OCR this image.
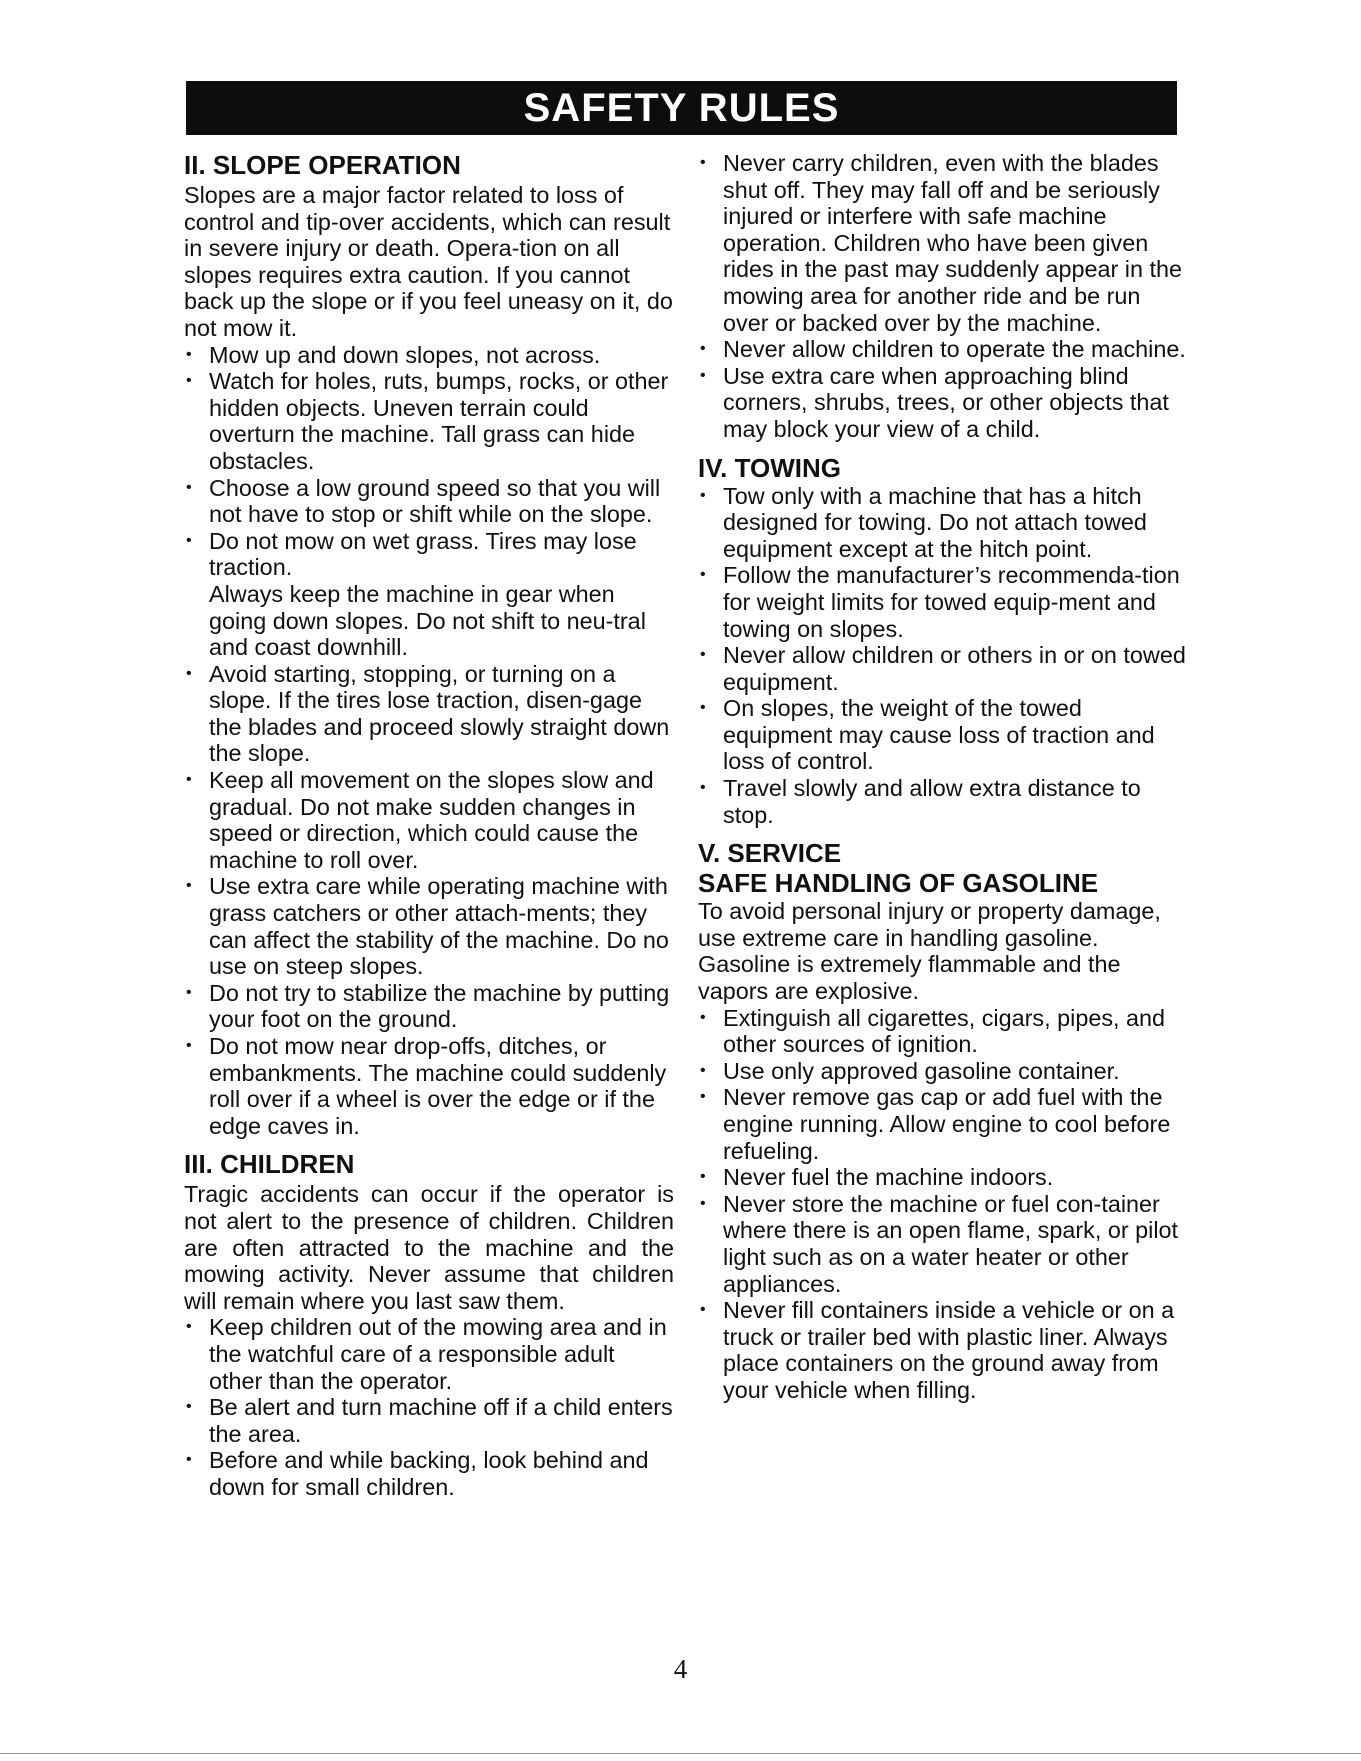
SAFETY RULES
II. SLOPE OPERATION

Slopes are a major factor related to loss of control and tip-over accidents, which can result in severe injury or death. Opera-tion on all slopes requires extra caution. If you cannot back up the slope or if you feel uneasy on it, do not mow it.

• Mow up and down slopes, not across.
• Watch for holes, ruts, bumps, rocks, or other hidden objects. Uneven terrain could overturn the machine. Tall grass can hide obstacles.
• Choose a low ground speed so that you will not have to stop or shift while on the slope.
• Do not mow on wet grass. Tires may lose traction.
Always keep the machine in gear when going down slopes. Do not shift to neu-tral and coast downhill.
• Avoid starting, stopping, or turning on a slope. If the tires lose traction, disen-gage the blades and proceed slowly straight down the slope.
• Keep all movement on the slopes slow and gradual. Do not make sudden changes in speed or direction, which could cause the machine to roll over.
• Use extra care while operating machine with grass catchers or other attach-ments; they can affect the stability of the machine. Do no use on steep slopes.
• Do not try to stabilize the machine by putting your foot on the ground.
• Do not mow near drop-offs, ditches, or embankments. The machine could suddenly roll over if a wheel is over the edge or if the edge caves in.
III. CHILDREN

Tragic accidents can occur if the operator is not alert to the presence of children. Children are often attracted to the machine and the mowing activity. Never assume that children will remain where you last saw them.

• Keep children out of the mowing area and in the watchful care of a responsible adult other than the operator.
• Be alert and turn machine off if a child enters the area.
• Before and while backing, look behind and down for small children.
• Never carry children, even with the blades shut off. They may fall off and be seriously injured or interfere with safe machine operation. Children who have been given rides in the past may suddenly appear in the mowing area for another ride and be run over or backed over by the machine.
• Never allow children to operate the machine.
• Use extra care when approaching blind corners, shrubs, trees, or other objects that may block your view of a child.
IV. TOWING
• Tow only with a machine that has a hitch designed for towing. Do not attach towed equipment except at the hitch point.
• Follow the manufacturer’s recommenda-tion for weight limits for towed equip-ment and towing on slopes.
• Never allow children or others in or on towed equipment.
• On slopes, the weight of the towed equipment may cause loss of traction and loss of control.
• Travel slowly and allow extra distance to stop.
V. SERVICE
SAFE HANDLING OF GASOLINE

To avoid personal injury or property damage, use extreme care in handling gasoline. Gasoline is extremely flammable and the vapors are explosive.

• Extinguish all cigarettes, cigars, pipes, and other sources of ignition.
• Use only approved gasoline container.
• Never remove gas cap or add fuel with the engine running. Allow engine to cool before refueling.
• Never fuel the machine indoors.
• Never store the machine or fuel con-tainer where there is an open flame, spark, or pilot light such as on a water heater or other appliances.
• Never fill containers inside a vehicle or on a truck or trailer bed with plastic liner. Always place containers on the ground away from your vehicle when filling.
4
